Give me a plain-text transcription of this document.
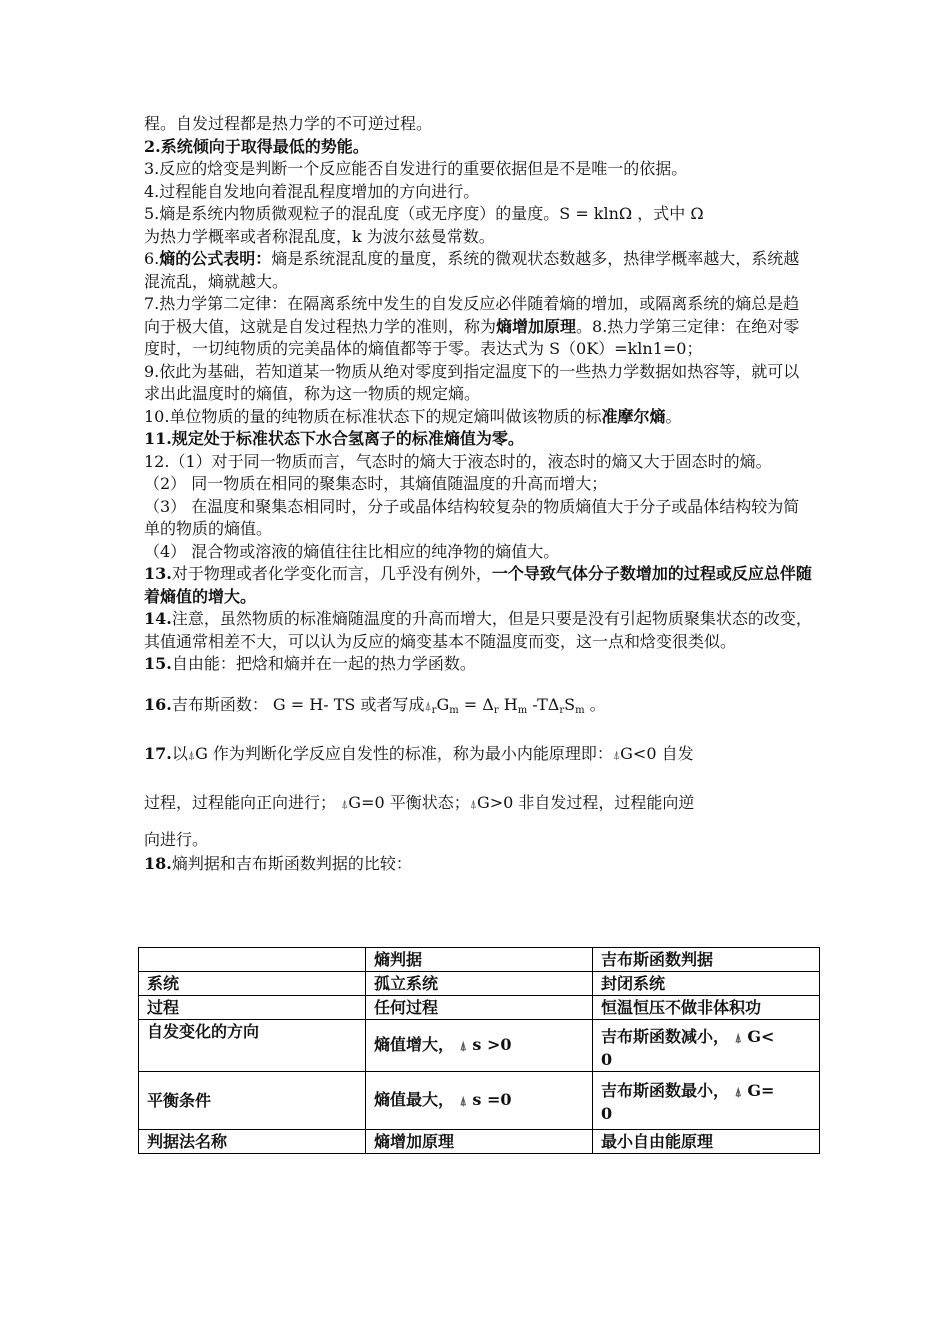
程。自发过程都是热力学的不可逆过程。

2.系统倾向于取得最低的势能。

3.反应的焓变是判断一个反应能否自发进行的重要依据但是不是唯一的依据。

4.过程能自发地向着混乱程度增加的方向进行。

5.熵是系统内物质微观粒子的混乱度（或无序度）的量度。S = klnΩ ，式中 Ω

为热力学概率或者称混乱度，k 为波尔兹曼常数。

6.熵的公式表明：熵是系统混乱度的量度，系统的微观状态数越多，热律学概率越大，系统越混流乱，熵就越大。

7.热力学第二定律：在隔离系统中发生的自发反应必伴随着熵的增加，或隔离系统的熵总是趋向于极大值，这就是自发过程热力学的准则，称为熵增加原理。8.热力学第三定律：在绝对零度时，一切纯物质的完美晶体的熵值都等于零。表达式为 S（0K）=kln1=0；

9.依此为基础，若知道某一物质从绝对零度到指定温度下的一些热力学数据如热容等，就可以求出此温度时的熵值，称为这一物质的规定熵。

10.单位物质的量的纯物质在标准状态下的规定熵叫做该物质的标准摩尔熵。

11.规定处于标准状态下水合氢离子的标准熵值为零。

12.（1）对于同一物质而言，气态时的熵大于液态时的，液态时的熵又大于固态时的熵。

（2） 同一物质在相同的聚集态时，其熵值随温度的升高而增大；

（3） 在温度和聚集态相同时，分子或晶体结构较复杂的物质熵值大于分子或晶体结构较为简单的物质的熵值。

（4） 混合物或溶液的熵值往往比相应的纯净物的熵值大。

13.对于物理或者化学变化而言，几乎没有例外，一个导致气体分子数增加的过程或反应总伴随着熵值的增大。

14.注意，虽然物质的标准熵随温度的升高而增大，但是只要是没有引起物质聚集状态的改变，其值通常相差不大，可以认为反应的熵变基本不随温度而变，这一点和焓变很类似。

15.自由能：把焓和熵并在一起的热力学函数。

16.吉布斯函数： G = H- TS 或者写成$⍋_rG_m = \Delta_r$ $H_m$ $-T\Delta_rS_m$ 。

17.以⍋G 作为判断化学反应自发性的标准，称为最小内能原理即：⍋G<0 自发

过程，过程能向正向进行； ⍋G=0 平衡状态；⍋G>0 非自发过程，过程能向逆

向进行。

18.熵判据和吉布斯函数判据的比较：

	熵判据	吉布斯函数判据
系统	孤立系统	封闭系统
过程	任何过程	恒温恒压不做非体积功
自发变化的方向	熵值增大， ⍋ s >0	吉布斯函数减小， ⍋ G<
0
平衡条件	熵值最大， ⍋ s =0	吉布斯函数最小， ⍋ G=
0
判据法名称	熵增加原理	最小自由能原理
